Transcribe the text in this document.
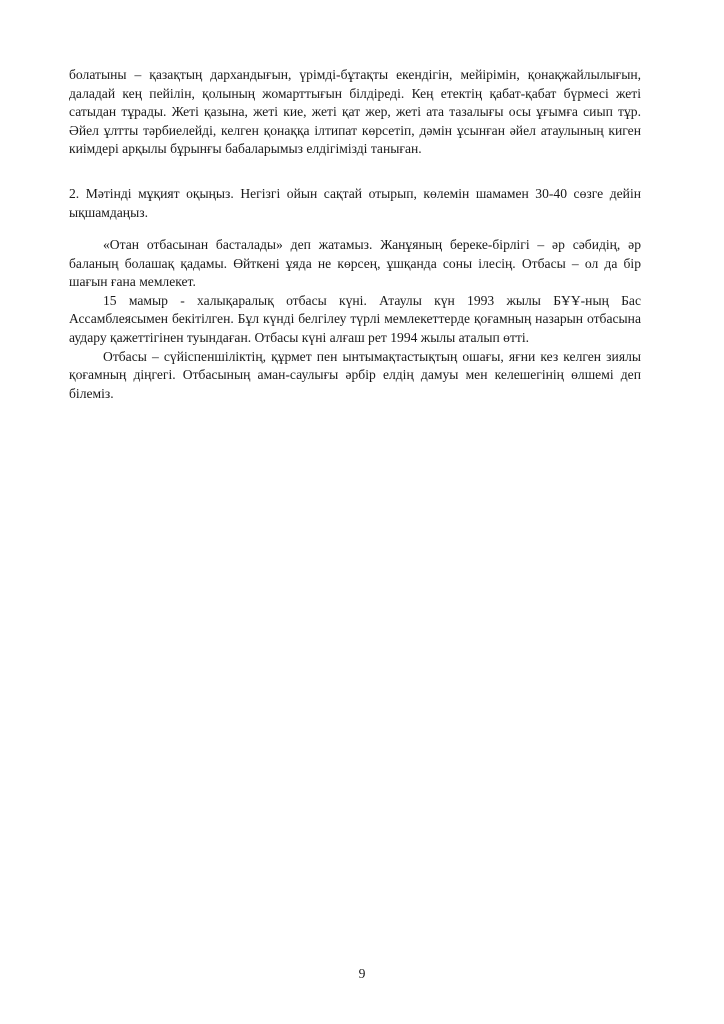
болатыны – қазақтың дархандығын, үрімді-бұтақты екендігін, мейірімін, қонақжайлылығын, даладай кең пейілін, қолының жомарттығын білдіреді. Кең етектің қабат-қабат бүрмесі жеті сатыдан тұрады. Жеті қазына, жеті кие, жеті қат жер, жеті ата тазалығы осы ұғымға сиып тұр. Әйел ұлтты тәрбиелейді, келген қонаққа ілтипат көрсетіп, дәмін ұсынған әйел атаулының киген киімдері арқылы бұрынғы бабаларымыз елдігімізді таныған.

2. Мәтінді мұқият оқыңыз. Негізгі ойын сақтай отырып, көлемін шамамен 30-40 сөзге дейін ықшамдаңыз.

«Отан отбасынан басталады» деп жатамыз. Жанұяның береке-бірлігі – әр сәбидің, әр баланың болашақ қадамы. Өйткені ұяда не көрсең, ұшқанда соны ілесің. Отбасы – ол да бір шағын ғана мемлекет.

15 мамыр - халықаралық отбасы күні. Атаулы күн 1993 жылы БҰҰ-ның Бас Ассамблеясымен бекітілген. Бұл күнді белгілеу түрлі мемлекеттерде қоғамның назарын отбасына аудару қажеттігінен туындаған. Отбасы күні алғаш рет 1994 жылы аталып өтті.

Отбасы – сүйіспеншіліктің, құрмет пен ынтымақтастықтың ошағы, яғни кез келген зиялы қоғамның діңгегі. Отбасының аман-саулығы әрбір елдің дамуы мен келешегінің өлшемі деп білеміз.

9
